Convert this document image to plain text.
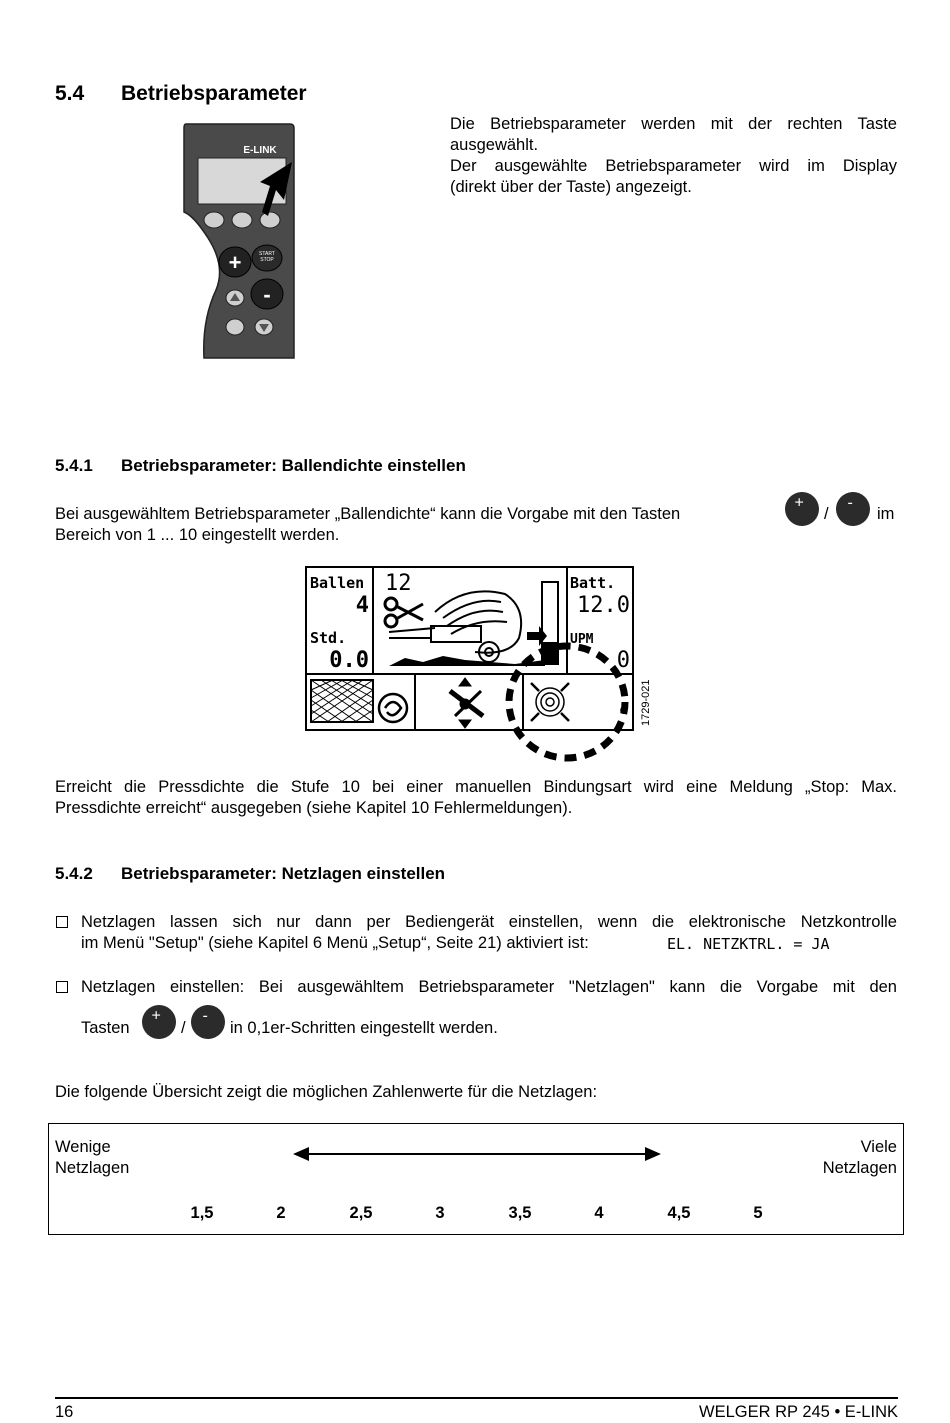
5.4 Betriebsparameter
E-LINK
START
STOP
+
-
Die Betriebsparameter werden mit der rechten Taste
ausgewählt.
Der ausgewählte Betriebsparameter wird im Display
(direkt über der Taste) angezeigt.
5.4.1 Betriebsparameter: Ballendichte einstellen
Bei ausgewähltem Betriebsparameter „Ballendichte“ kann die Vorgabe mit den Tasten
+
/
-
im
Bereich von 1 ... 10 eingestellt werden.
Ballen
4
Std.
0.0
12	Batt.
12.0
UPM
0
c 1729-021
Erreicht die Pressdichte die Stufe 10 bei einer manuellen Bindungsart wird eine Meldung „Stop: Max.
Pressdichte erreicht“ ausgegeben (siehe Kapitel 10 Fehlermeldungen).
5.4.2 Betriebsparameter: Netzlagen einstellen
Netzlagen lassen sich nur dann per Bediengerät einstellen, wenn die elektronische Netzkontrolle
im Menü "Setup" (siehe Kapitel 6 Menü „Setup“, Seite 21) aktiviert ist:	EL. NETZKTRL. = JA
Netzlagen einstellen: Bei ausgewähltem Betriebsparameter "Netzlagen" kann die Vorgabe mit den
Tasten
+
/
-
in 0,1er-Schritten eingestellt werden.
Die folgende Übersicht zeigt die möglichen Zahlenwerte für die Netzlagen:
Wenige
Netzlagen
Viele
Netzlagen
1,5	2	2,5	3	3,5	4	4,5	5
16	WELGER RP 245 • E-LINK
